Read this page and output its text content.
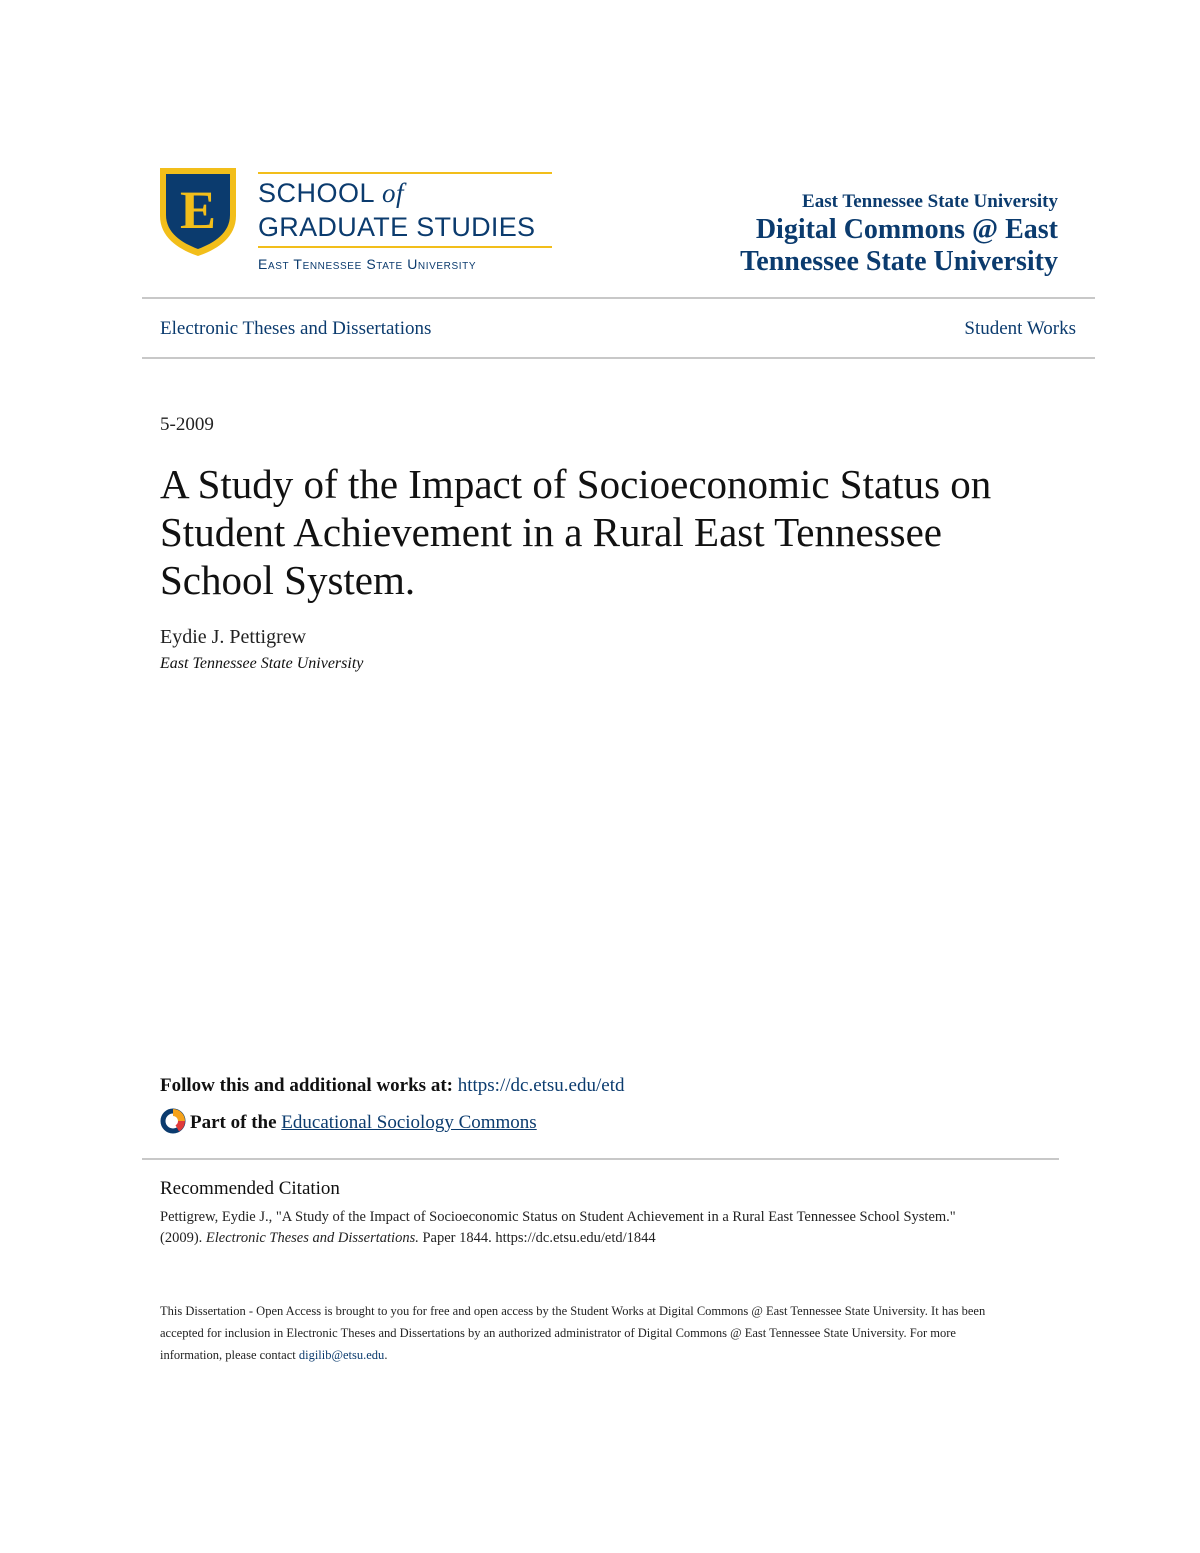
E SCHOOL of
GRADUATE STUDIES
East Tennessee State University
East Tennessee State University
Digital Commons @ East Tennessee State University
Electronic Theses and Dissertations	Student Works
5-2009
A Study of the Impact of Socioeconomic Status on Student Achievement in a Rural East Tennessee School System.
Eydie J. Pettigrew
East Tennessee State University
Follow this and additional works at: https://dc.etsu.edu/etd
Part of the Educational Sociology Commons
Recommended Citation
Pettigrew, Eydie J., "A Study of the Impact of Socioeconomic Status on Student Achievement in a Rural East Tennessee School System." (2009). Electronic Theses and Dissertations. Paper 1844. https://dc.etsu.edu/etd/1844
This Dissertation - Open Access is brought to you for free and open access by the Student Works at Digital Commons @ East Tennessee State University. It has been accepted for inclusion in Electronic Theses and Dissertations by an authorized administrator of Digital Commons @ East Tennessee State University. For more information, please contact digilib@etsu.edu.
